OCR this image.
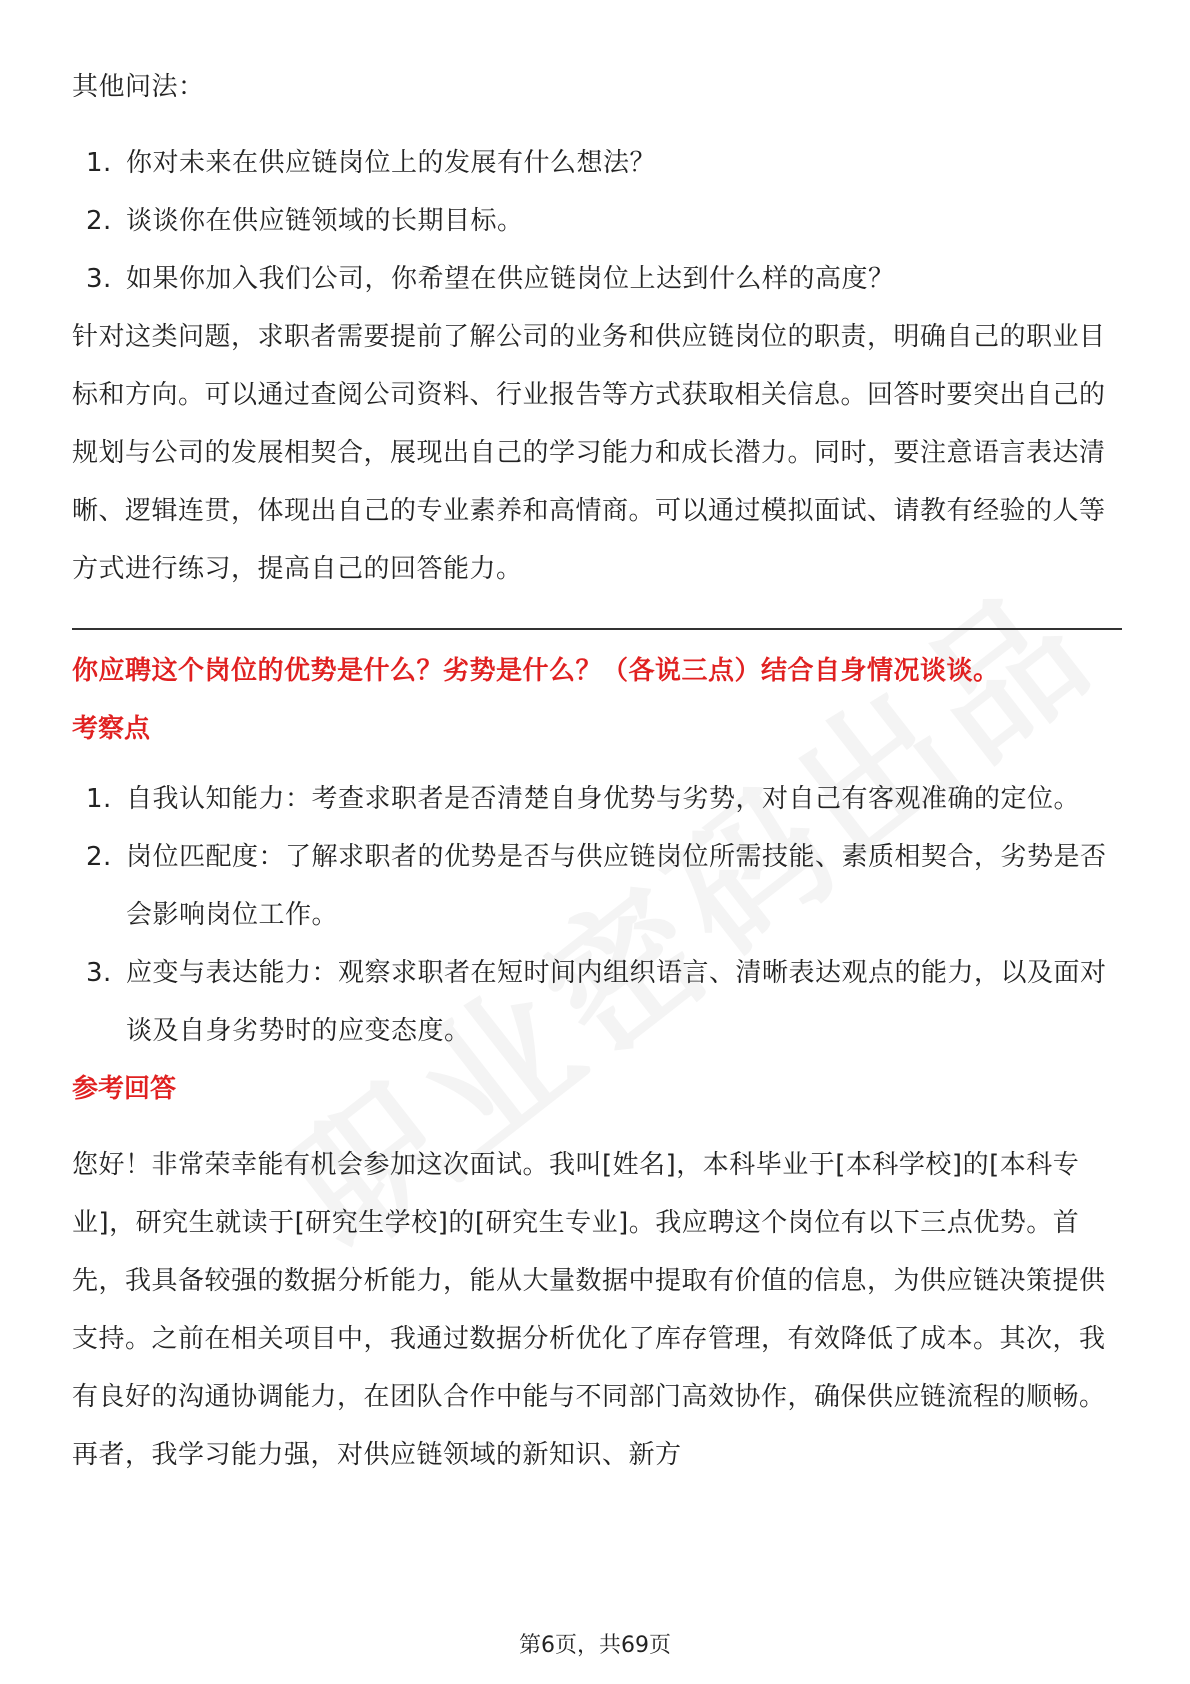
其他问法：

1. 你对未来在供应链岗位上的发展有什么想法？
2. 谈谈你在供应链领域的长期目标。
3. 如果你加入我们公司，你希望在供应链岗位上达到什么样的高度？

针对这类问题，求职者需要提前了解公司的业务和供应链岗位的职责，明确自己的职业目标和方向。可以通过查阅公司资料、行业报告等方式获取相关信息。回答时要突出自己的规划与公司的发展相契合，展现出自己的学习能力和成长潜力。同时，要注意语言表达清晰、逻辑连贯，体现出自己的专业素养和高情商。可以通过模拟面试、请教有经验的人等方式进行练习，提高自己的回答能力。

你应聘这个岗位的优势是什么？劣势是什么？（各说三点）结合自身情况谈谈。

考察点

1. 自我认知能力：考查求职者是否清楚自身优势与劣势，对自己有客观准确的定位。
2. 岗位匹配度：了解求职者的优势是否与供应链岗位所需技能、素质相契合，劣势是否会影响岗位工作。
3. 应变与表达能力：观察求职者在短时间内组织语言、清晰表达观点的能力，以及面对谈及自身劣势时的应变态度。

参考回答

您好！非常荣幸能有机会参加这次面试。我叫[姓名]，本科毕业于[本科学校]的[本科专业]，研究生就读于[研究生学校]的[研究生专业]。我应聘这个岗位有以下三点优势。首先，我具备较强的数据分析能力，能从大量数据中提取有价值的信息，为供应链决策提供支持。之前在相关项目中，我通过数据分析优化了库存管理，有效降低了成本。其次，我有良好的沟通协调能力，在团队合作中能与不同部门高效协作，确保供应链流程的顺畅。再者，我学习能力强，对供应链领域的新知识、新方

第6页，共69页
